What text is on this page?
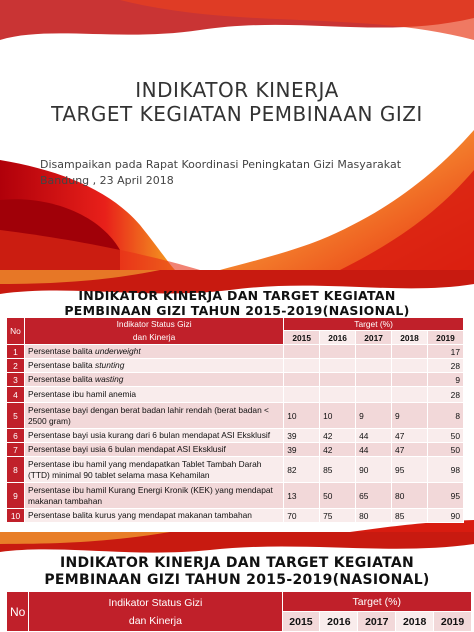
INDIKATOR KINERJA
TARGET KEGIATAN PEMBINAAN GIZI
Disampaikan pada Rapat Koordinasi Peningkatan Gizi Masyarakat
Bandung , 23 April 2018
INDIKATOR KINERJA DAN TARGET KEGIATAN
PEMBINAAN GIZI TAHUN 2015-2019(NASIONAL)
No	Indikator Status Gizi
dan Kinerja	Target (%)				
		2015	2016	2017	2018	2019
1	Persentase balita underweight					17
2	Persentase balita stunting					28
3	Persentase balita wasting					9
4	Persentase ibu hamil anemia					28
5	Persentase bayi dengan berat badan lahir rendah (berat badan < 2500 gram)	10	10	9	9	8
6	Persentase bayi usia kurang dari 6 bulan mendapat ASI Eksklusif	39	42	44	47	50
7	Persentase bayi usia 6 bulan mendapat ASI Eksklusif	39	42	44	47	50
8	Persentase ibu hamil yang mendapatkan Tablet Tambah Darah (TTD) minimal 90 tablet selama masa Kehamilan	82	85	90	95	98
9	Persentase ibu hamil Kurang Energi Kronik (KEK) yang mendapat makanan tambahan	13	50	65	80	95
10	Persentase balita kurus yang mendapat makanan tambahan	70	75	80	85	90
INDIKATOR KINERJA DAN TARGET KEGIATAN
PEMBINAAN GIZI TAHUN 2015-2019(NASIONAL)
No	Indikator Status Gizi
dan Kinerja	Target (%)				
		2015	2016	2017	2018	2019
